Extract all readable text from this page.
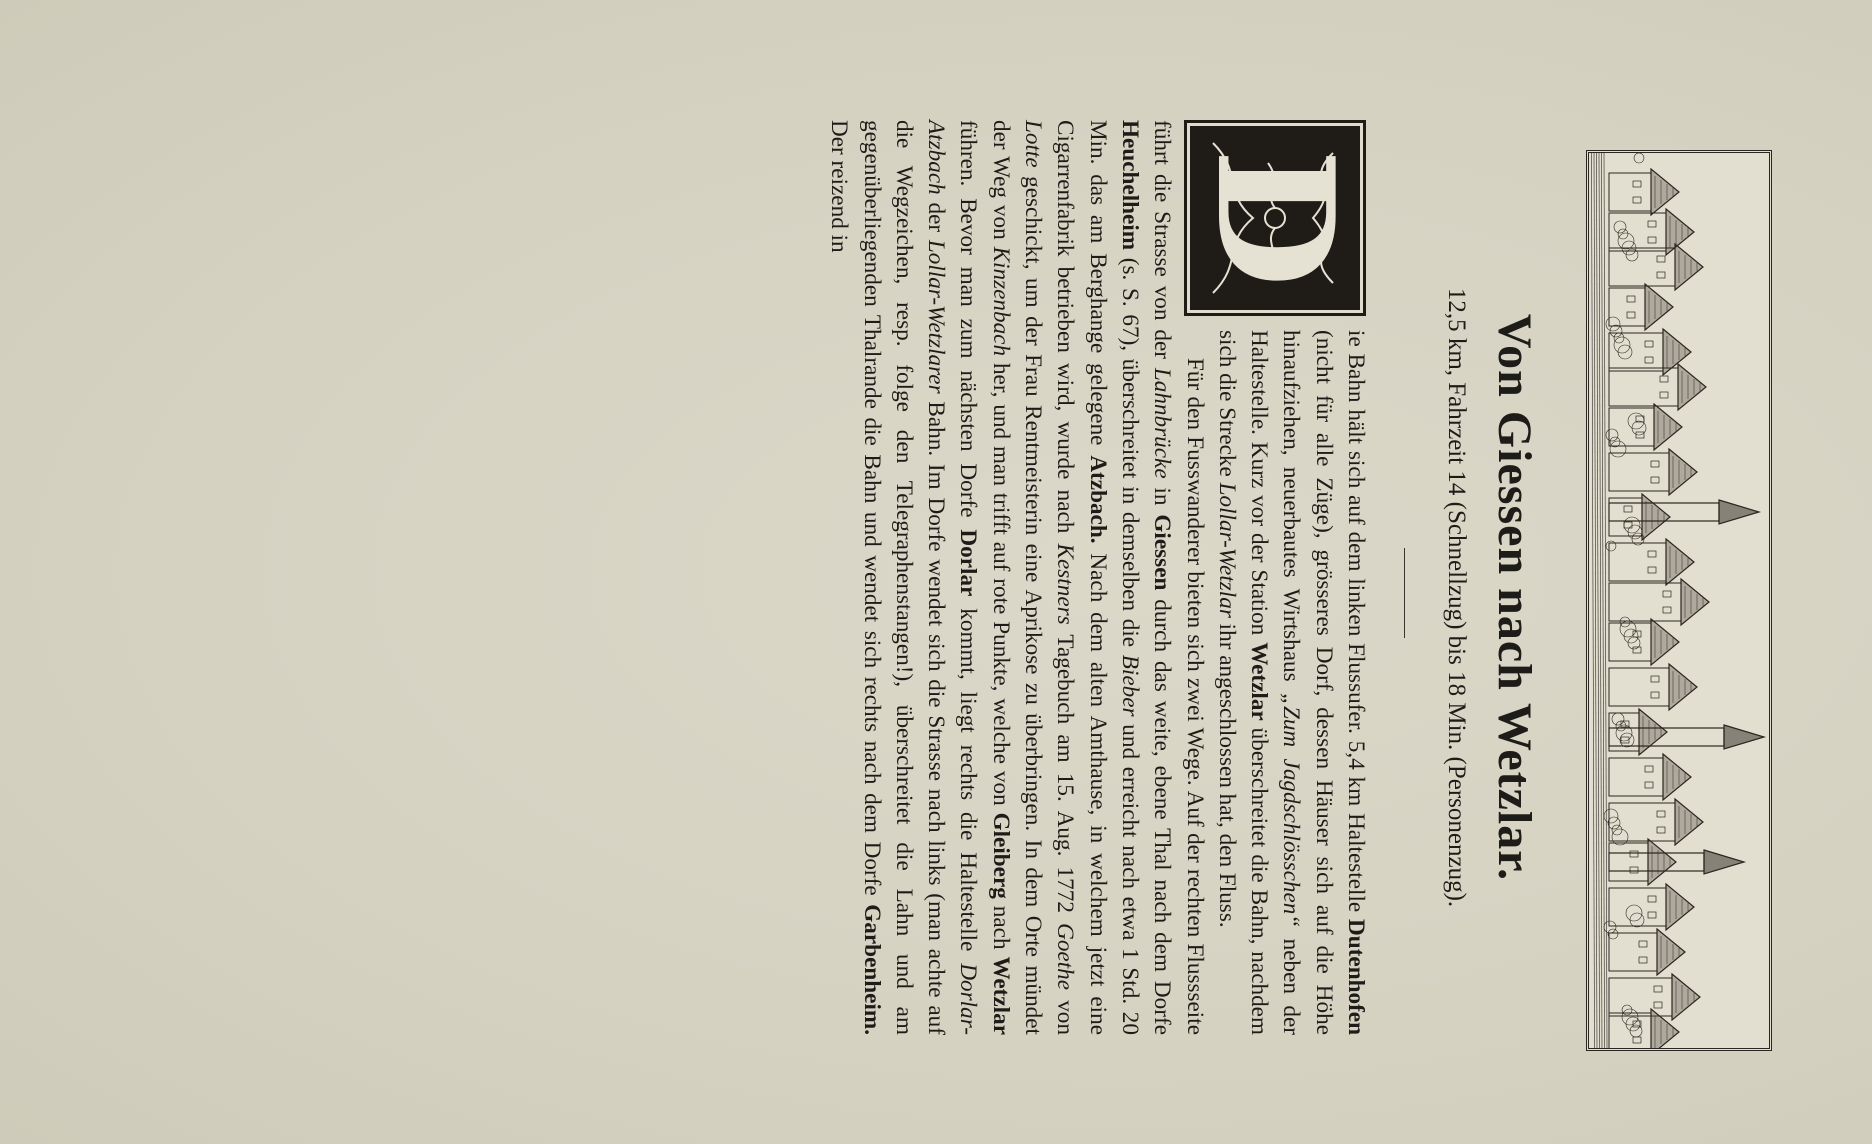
Von Giessen nach Wetzlar.
12,5 km, Fahrzeit 14 (Schnellzug) bis 18 Min. (Personenzug).

D
ie Bahn hält sich auf dem linken Flussufer. 5,4 km Haltestelle Dutenhofen (nicht für alle Züge), grösseres Dorf, dessen Häuser sich auf die Höhe hinaufziehen, neuerbautes Wirtshaus „Zum Jagdschlösschen“ neben der Haltestelle. Kurz vor der Station Wetzlar überschreitet die Bahn, nachdem sich die Strecke Lollar-Wetzlar ihr angeschlossen hat, den Fluss.

Für den Fusswanderer bieten sich zwei Wege. Auf der rechten Flussseite führt die Strasse von der Lahnbrücke in Giessen durch das weite, ebene Thal nach dem Dorfe Heuchelheim (s. S. 67), überschreitet in demselben die Bieber und erreicht nach etwa 1 Std. 20 Min. das am Berghange gelegene Atzbach. Nach dem alten Amthause, in welchem jetzt eine Cigarrenfabrik betrieben wird, wurde nach Kestners Tagebuch am 15. Aug. 1772 Goethe von Lotte geschickt, um der Frau Rentmeisterin eine Aprikose zu überbringen. In dem Orte mündet der Weg von Kinzenbach her, und man trifft auf rote Punkte, welche von Gleiberg nach Wetzlar führen. Bevor man zum nächsten Dorfe Dorlar kommt, liegt rechts die Haltestelle Dorlar-Atzbach der Lollar-Wetzlarer Bahn. Im Dorfe wendet sich die Strasse nach links (man achte auf die Wegzeichen, resp. folge den Telegraphenstangen!), überschreitet die Lahn und am gegenüberliegenden Thalrande die Bahn und wendet sich rechts nach dem Dorfe Garbenheim. Der reizend in
